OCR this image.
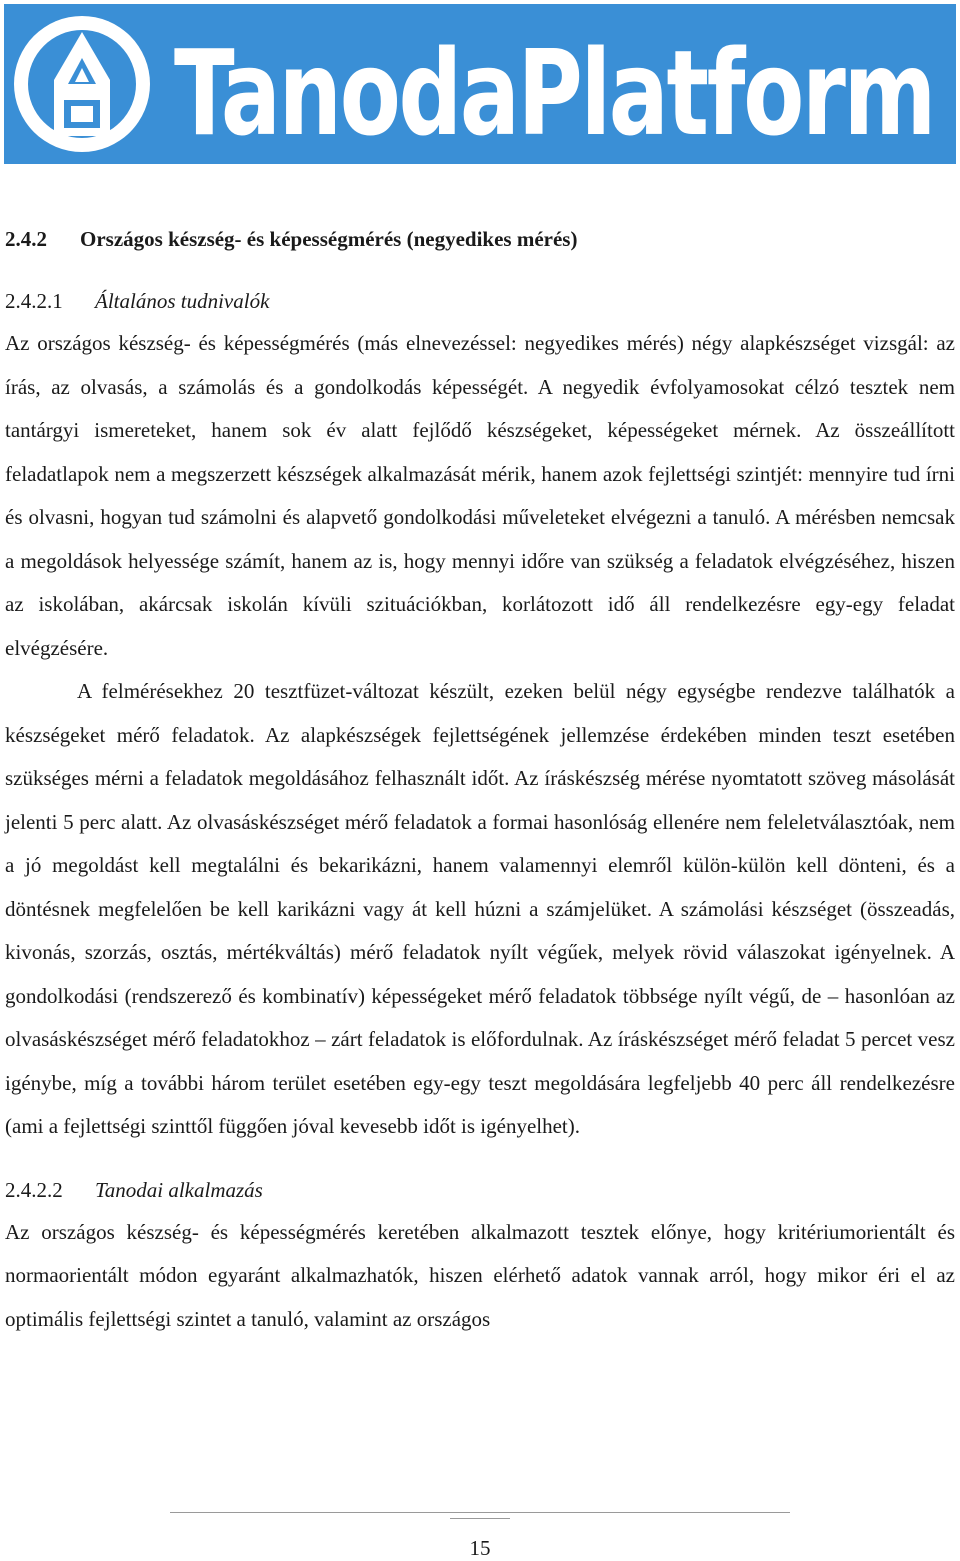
TanodaPlatform
2.4.2 Országos készség- és képességmérés (negyedikes mérés)
2.4.2.1 Általános tudnivalók

Az országos készség- és képességmérés (más elnevezéssel: negyedikes mérés) négy alapkészséget vizsgál: az írás, az olvasás, a számolás és a gondolkodás képességét. A negyedik évfolyamosokat célzó tesztek nem tantárgyi ismereteket, hanem sok év alatt fejlődő készségeket, képességeket mérnek. Az összeállított feladatlapok nem a megszerzett készségek alkalmazását mérik, hanem azok fejlettségi szintjét: mennyire tud írni és olvasni, hogyan tud számolni és alapvető gondolkodási műveleteket elvégezni a tanuló. A mérésben nemcsak a megoldások helyessége számít, hanem az is, hogy mennyi időre van szükség a feladatok elvégzéséhez, hiszen az iskolában, akárcsak iskolán kívüli szituációkban, korlátozott idő áll rendelkezésre egy-egy feladat elvégzésére.

A felmérésekhez 20 tesztfüzet-változat készült, ezeken belül négy egységbe rendezve találhatók a készségeket mérő feladatok. Az alapkészségek fejlettségének jellemzése érdekében minden teszt esetében szükséges mérni a feladatok megoldásához felhasznált időt. Az íráskészség mérése nyomtatott szöveg másolását jelenti 5 perc alatt. Az olvasáskészséget mérő feladatok a formai hasonlóság ellenére nem feleletválasztóak, nem a jó megoldást kell megtalálni és bekarikázni, hanem valamennyi elemről külön-külön kell dönteni, és a döntésnek megfelelően be kell karikázni vagy át kell húzni a számjelüket. A számolási készséget (összeadás, kivonás, szorzás, osztás, mértékváltás) mérő feladatok nyílt végűek, melyek rövid válaszokat igényelnek. A gondolkodási (rendszerező és kombinatív) képességeket mérő feladatok többsége nyílt végű, de – hasonlóan az olvasáskészséget mérő feladatokhoz – zárt feladatok is előfordulnak. Az íráskészséget mérő feladat 5 percet vesz igénybe, míg a további három terület esetében egy-egy teszt megoldására legfeljebb 40 perc áll rendelkezésre (ami a fejlettségi szinttől függően jóval kevesebb időt is igényelhet).

2.4.2.2 Tanodai alkalmazás

Az országos készség- és képességmérés keretében alkalmazott tesztek előnye, hogy kritériumorientált és normaorientált módon egyaránt alkalmazhatók, hiszen elérhető adatok vannak arról, hogy mikor éri el az optimális fejlettségi szintet a tanuló, valamint az országos

15
